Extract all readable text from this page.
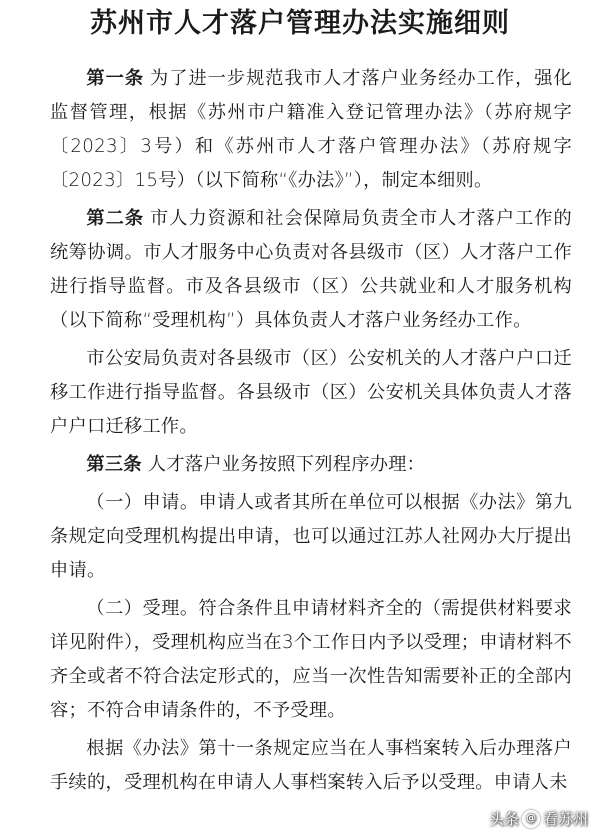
苏州市人才落户管理办法实施细则

第一条 为了进一步规范我市人才落户业务经办工作，强化监督管理，根据《苏州市户籍准入登记管理办法》（苏府规字〔2023〕3号）和《苏州市人才落户管理办法》（苏府规字〔2023〕15号）（以下简称“《办法》”），制定本细则。

第二条 市人力资源和社会保障局负责全市人才落户工作的统筹协调。市人才服务中心负责对各县级市（区）人才落户工作进行指导监督。市及各县级市（区）公共就业和人才服务机构（以下简称“受理机构”）具体负责人才落户业务经办工作。

市公安局负责对各县级市（区）公安机关的人才落户户口迁移工作进行指导监督。各县级市（区）公安机关具体负责人才落户户口迁移工作。

第三条 人才落户业务按照下列程序办理：

（一）申请。申请人或者其所在单位可以根据《办法》第九条规定向受理机构提出申请，也可以通过江苏人社网办大厅提出申请。

（二）受理。符合条件且申请材料齐全的（需提供材料要求详见附件），受理机构应当在3个工作日内予以受理；申请材料不齐全或者不符合法定形式的，应当一次性告知需要补正的全部内容；不符合申请条件的，不予受理。

根据《办法》第十一条规定应当在人事档案转入后办理落户手续的，受理机构在申请人人事档案转入后予以受理。申请人未

头条 @ 看苏州
